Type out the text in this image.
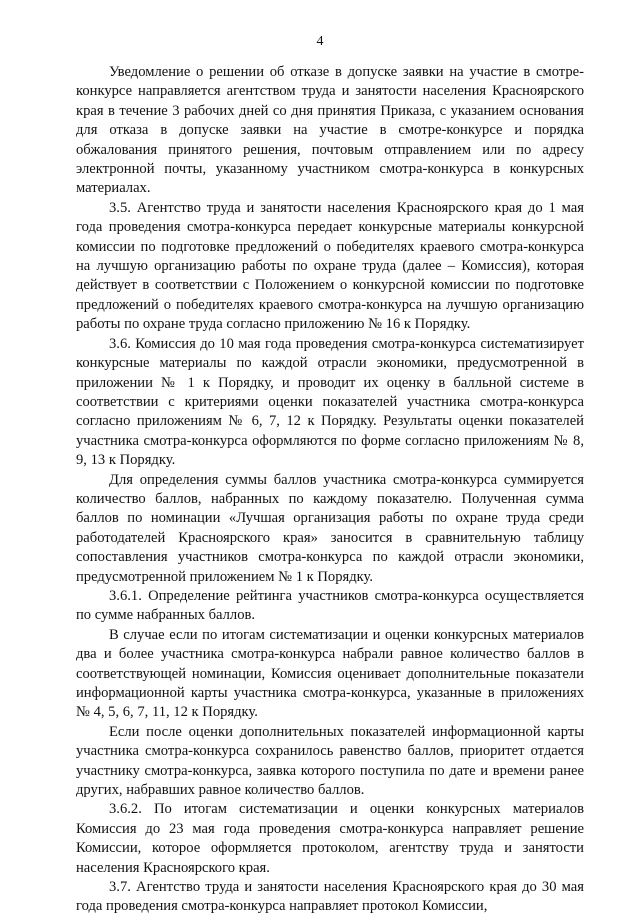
4

Уведомление о решении об отказе в допуске заявки на участие в смотре-конкурсе направляется агентством труда и занятости населения Красноярского края в течение 3 рабочих дней со дня принятия Приказа, с указанием основания для отказа в допуске заявки на участие в смотре-конкурсе и порядка обжалования принятого решения, почтовым отправлением или по адресу электронной почты, указанному участником смотра-конкурса в конкурсных материалах.

3.5. Агентство труда и занятости населения Красноярского края до 1 мая года проведения смотра-конкурса передает конкурсные материалы конкурсной комиссии по подготовке предложений о победителях краевого смотра-конкурса на лучшую организацию работы по охране труда (далее – Комиссия), которая действует в соответствии с Положением о конкурсной комиссии по подготовке предложений о победителях краевого смотра-конкурса на лучшую организацию работы по охране труда согласно приложению № 16 к Порядку.

3.6. Комиссия до 10 мая года проведения смотра-конкурса систематизирует конкурсные материалы по каждой отрасли экономики, предусмотренной в приложении № 1 к Порядку, и проводит их оценку в балльной системе в соответствии с критериями оценки показателей участника смотра-конкурса согласно приложениям № 6, 7, 12 к Порядку. Результаты оценки показателей участника смотра-конкурса оформляются по форме согласно приложениям № 8, 9, 13 к Порядку.

Для определения суммы баллов участника смотра-конкурса суммируется количество баллов, набранных по каждому показателю. Полученная сумма баллов по номинации «Лучшая организация работы по охране труда среди работодателей Красноярского края» заносится в сравнительную таблицу сопоставления участников смотра-конкурса по каждой отрасли экономики, предусмотренной приложением № 1 к Порядку.

3.6.1. Определение рейтинга участников смотра-конкурса осуществляется по сумме набранных баллов.

В случае если по итогам систематизации и оценки конкурсных материалов два и более участника смотра-конкурса набрали равное количество баллов в соответствующей номинации, Комиссия оценивает дополнительные показатели информационной карты участника смотра-конкурса, указанные в приложениях № 4, 5, 6, 7, 11, 12 к Порядку.

Если после оценки дополнительных показателей информационной карты участника смотра-конкурса сохранилось равенство баллов, приоритет отдается участнику смотра-конкурса, заявка которого поступила по дате и времени ранее других, набравших равное количество баллов.

3.6.2. По итогам систематизации и оценки конкурсных материалов Комиссия до 23 мая года проведения смотра-конкурса направляет решение Комиссии, которое оформляется протоколом, агентству труда и занятости населения Красноярского края.

3.7. Агентство труда и занятости населения Красноярского края до 30 мая года проведения смотра-конкурса направляет протокол Комиссии,
